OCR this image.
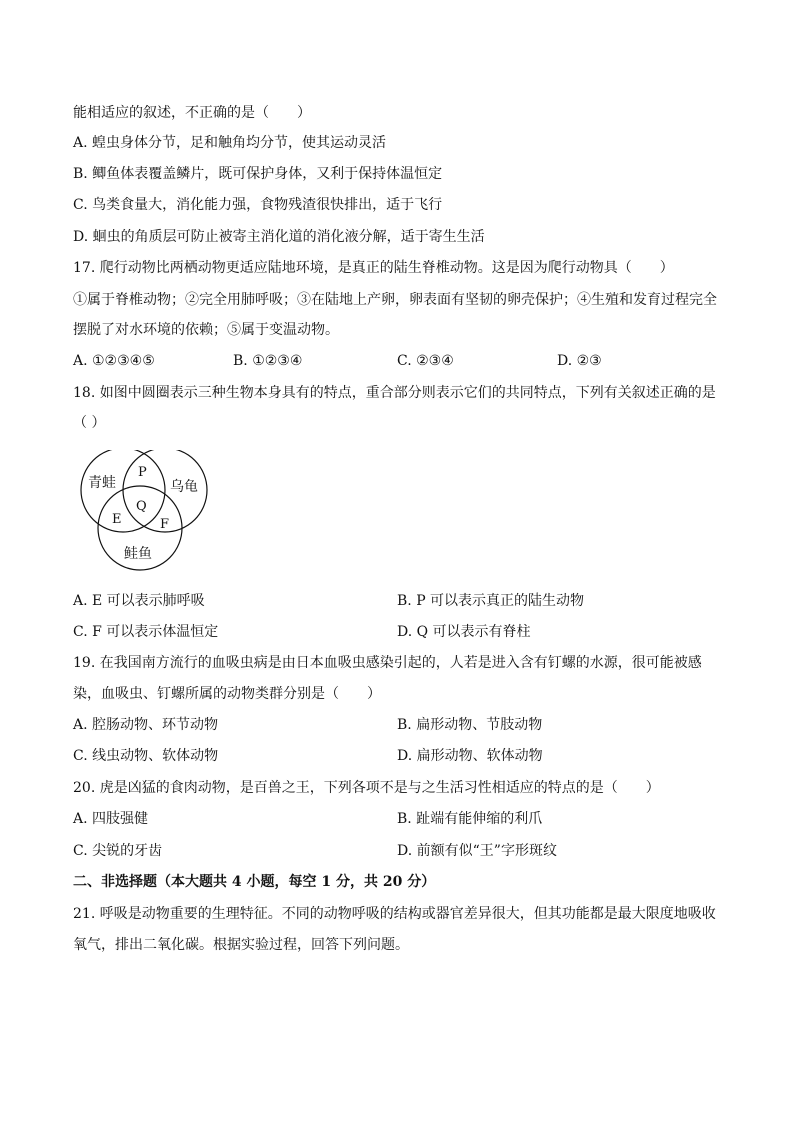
能相适应的叙述，不正确的是（　　）
A. 蝗虫身体分节，足和触角均分节，使其运动灵活
B. 鲫鱼体表覆盖鳞片，既可保护身体，又利于保持体温恒定
C. 鸟类食量大，消化能力强，食物残渣很快排出，适于飞行
D. 蛔虫的角质层可防止被寄主消化道的消化液分解，适于寄生生活
17. 爬行动物比两栖动物更适应陆地环境，是真正的陆生脊椎动物。这是因为爬行动物具（　　）
①属于脊椎动物；②完全用肺呼吸；③在陆地上产卵，卵表面有坚韧的卵壳保护；④生殖和发育过程完全
摆脱了对水环境的依赖；⑤属于变温动物。
A. ①②③④⑤	B. ①②③④	C. ②③④	D. ②③
18. 如图中圆圈表示三种生物本身具有的特点，重合部分则表示它们的共同特点，下列有关叙述正确的是
（ ）
青蛙	乌龟
鲑鱼
P
Q
E	F
A. E 可以表示肺呼吸	B. P 可以表示真正的陆生动物
C. F 可以表示体温恒定	D. Q 可以表示有脊柱
19. 在我国南方流行的血吸虫病是由日本血吸虫感染引起的，人若是进入含有钉螺的水源，很可能被感
染，血吸虫、钉螺所属的动物类群分别是（　　）
A. 腔肠动物、环节动物	B. 扁形动物、节肢动物
C. 线虫动物、软体动物	D. 扁形动物、软体动物
20. 虎是凶猛的食肉动物，是百兽之王，下列各项不是与之生活习性相适应的特点的是（　　）
A. 四肢强健	B. 趾端有能伸缩的利爪
C. 尖锐的牙齿	D. 前额有似“王”字形斑纹
二、非选择题（本大题共 4 小题，每空 1 分，共 20 分）
21. 呼吸是动物重要的生理特征。不同的动物呼吸的结构或器官差异很大，但其功能都是最大限度地吸收
氧气，排出二氧化碳。根据实验过程，回答下列问题。
